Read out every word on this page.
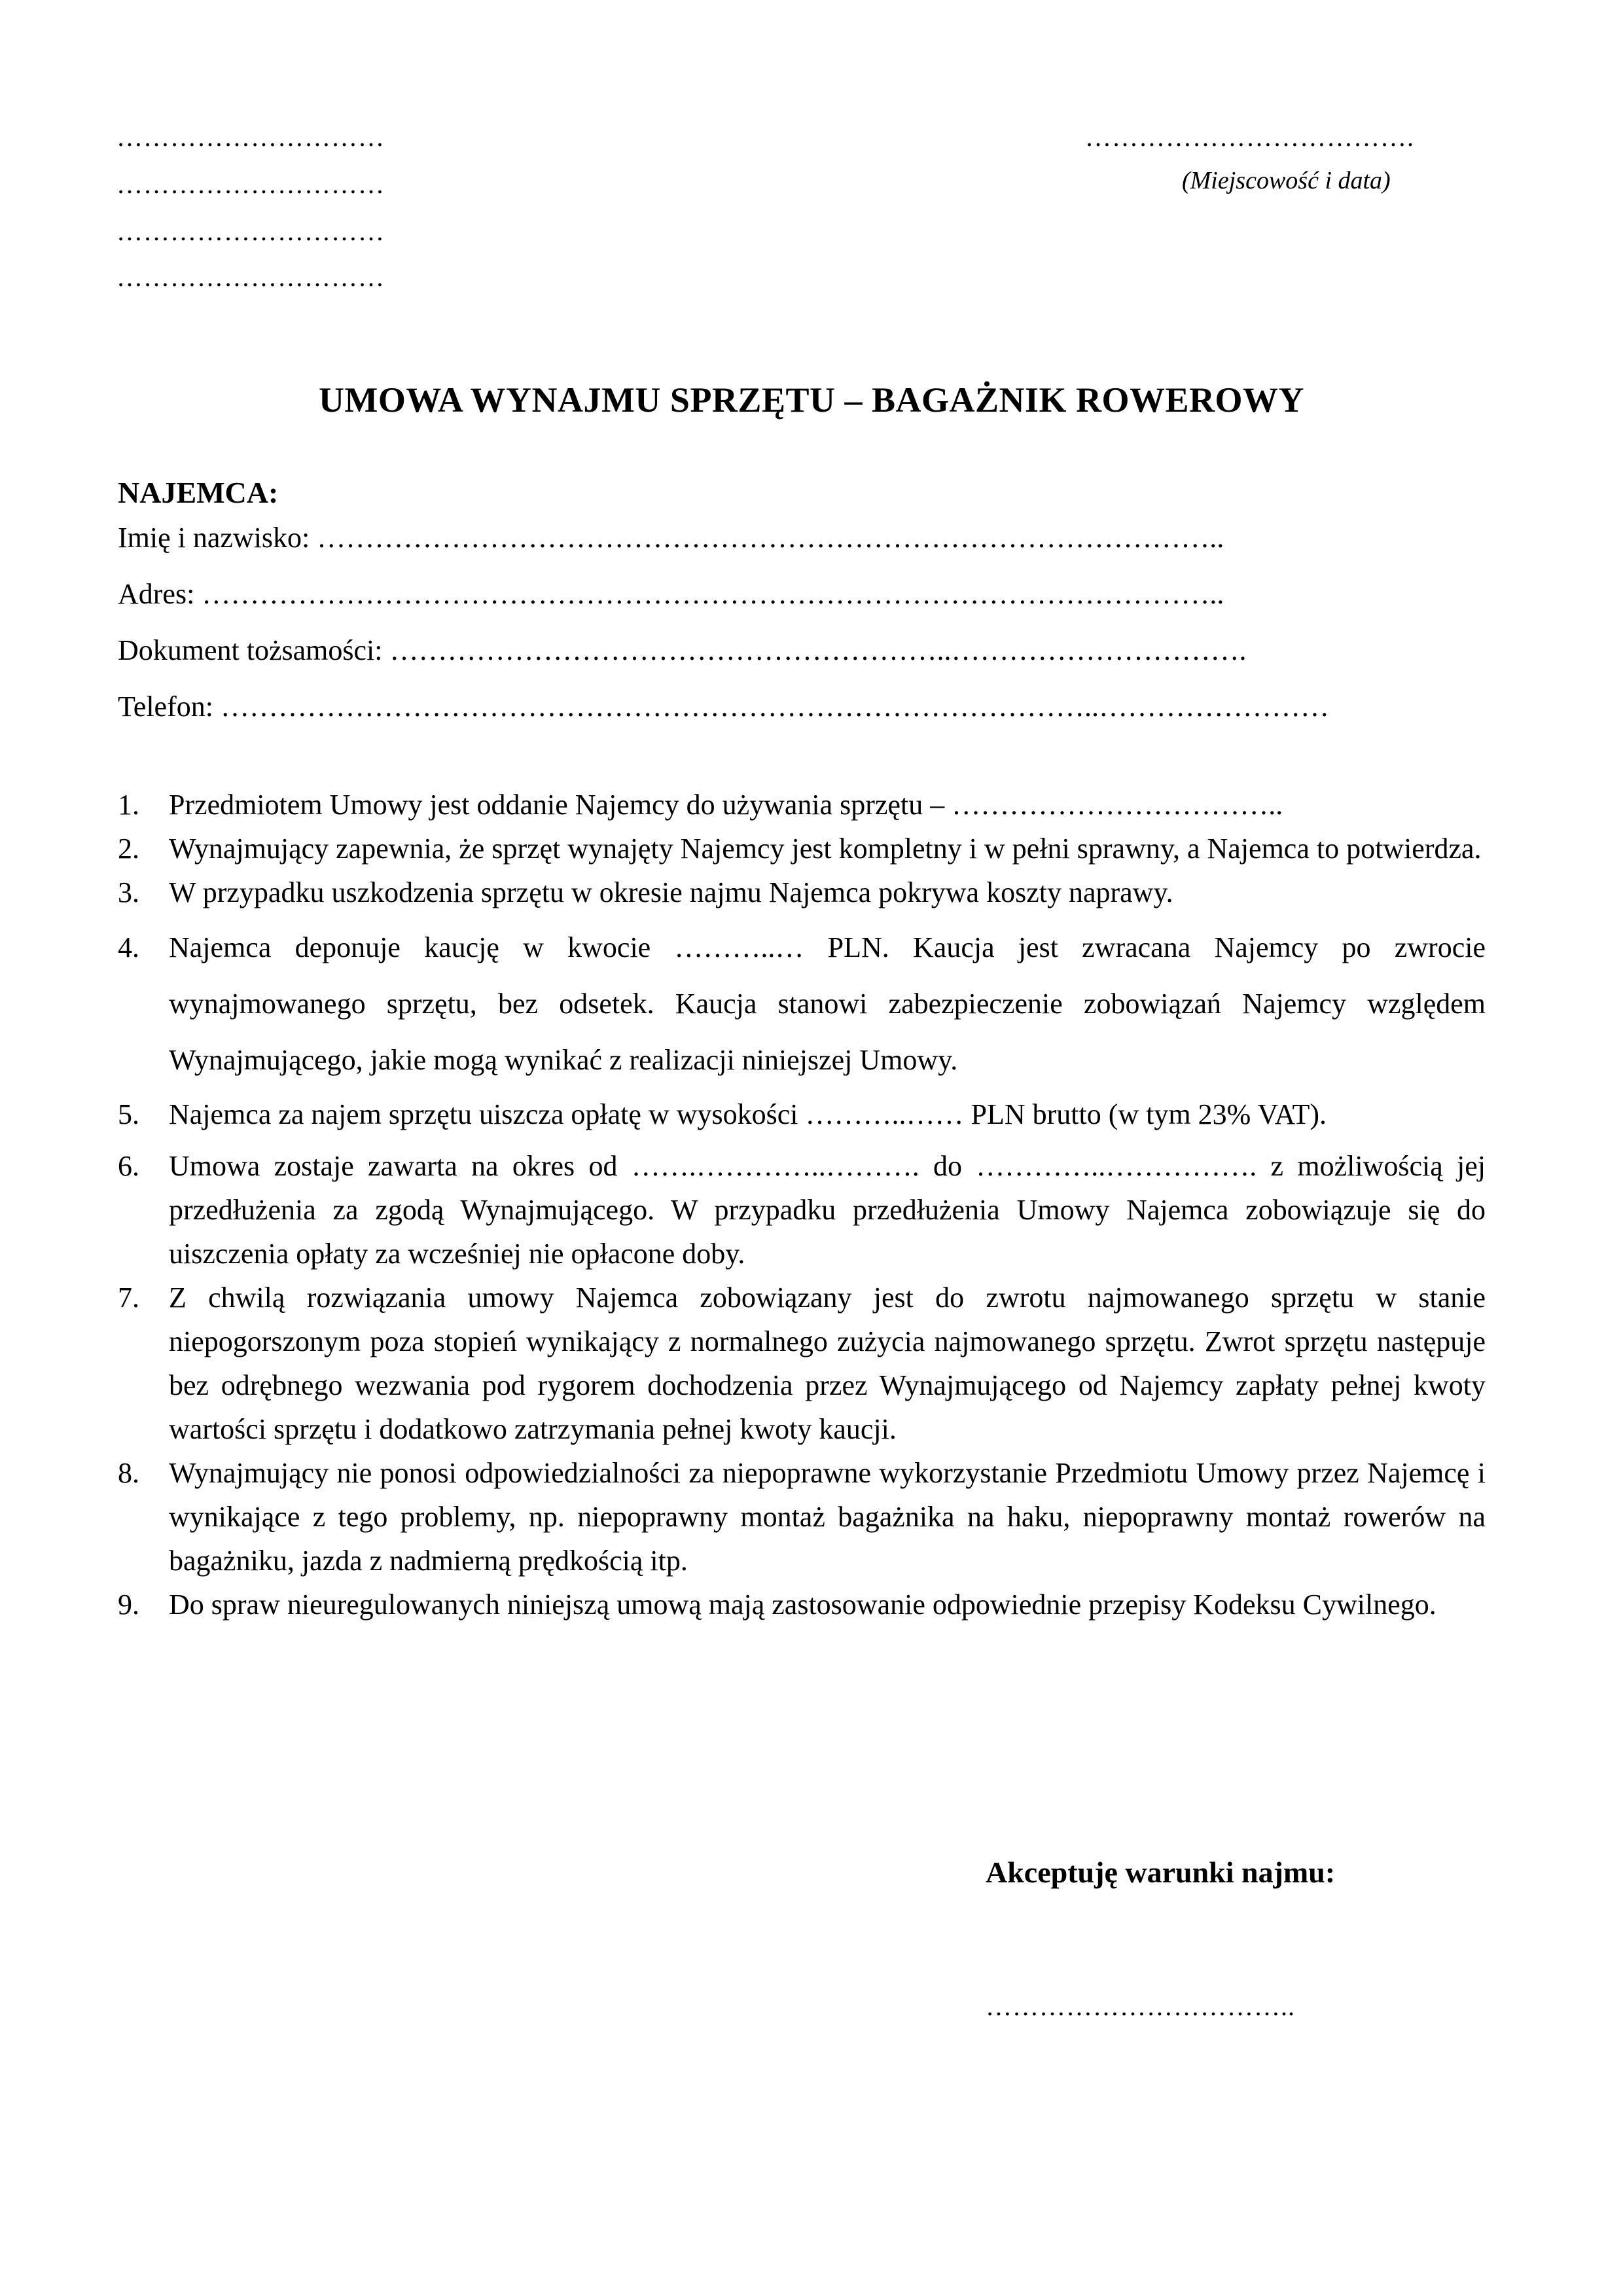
…………………………
…………………………
…………………………
…………………………
……………………………….
(Miejscowość i data)
UMOWA WYNAJMU SPRZĘTU – BAGAŻNIK ROWEROWY
NAJEMCA:
Imię i nazwisko: …………………………………………………………………………………..
Adres: ……………………………………………………………………………………………..
Dokument tożsamości: …………………………………………………..………………………….
Telefon: ………………………………………………………………………………..……………………
1. Przedmiotem Umowy jest oddanie Najemcy do używania sprzętu – ……………………………..
2. Wynajmujący zapewnia, że sprzęt wynajęty Najemcy jest kompletny i w pełni sprawny, a Najemca to potwierdza.
3. W przypadku uszkodzenia sprzętu w okresie najmu Najemca pokrywa koszty naprawy.
4. Najemca deponuje kaucję w kwocie ………..… PLN. Kaucja jest zwracana Najemcy po zwrocie wynajmowanego sprzętu, bez odsetek. Kaucja stanowi zabezpieczenie zobowiązań Najemcy względem Wynajmującego, jakie mogą wynikać z realizacji niniejszej Umowy.
5. Najemca za najem sprzętu uiszcza opłatę w wysokości ………..…… PLN brutto (w tym 23% VAT).
6. Umowa zostaje zawarta na okres od …….…………..………. do …………..……………. z możliwością jej przedłużenia za zgodą Wynajmującego. W przypadku przedłużenia Umowy Najemca zobowiązuje się do uiszczenia opłaty za wcześniej nie opłacone doby.
7. Z chwilą rozwiązania umowy Najemca zobowiązany jest do zwrotu najmowanego sprzętu w stanie niepogorszonym poza stopień wynikający z normalnego zużycia najmowanego sprzętu. Zwrot sprzętu następuje bez odrębnego wezwania pod rygorem dochodzenia przez Wynajmującego od Najemcy zapłaty pełnej kwoty wartości sprzętu i dodatkowo zatrzymania pełnej kwoty kaucji.
8. Wynajmujący nie ponosi odpowiedzialności za niepoprawne wykorzystanie Przedmiotu Umowy przez Najemcę i wynikające z tego problemy, np. niepoprawny montaż bagażnika na haku, niepoprawny montaż rowerów na bagażniku, jazda z nadmierną prędkością itp.
9. Do spraw nieuregulowanych niniejszą umową mają zastosowanie odpowiednie przepisy Kodeksu Cywilnego.
Akceptuję warunki najmu:
……………………………..
